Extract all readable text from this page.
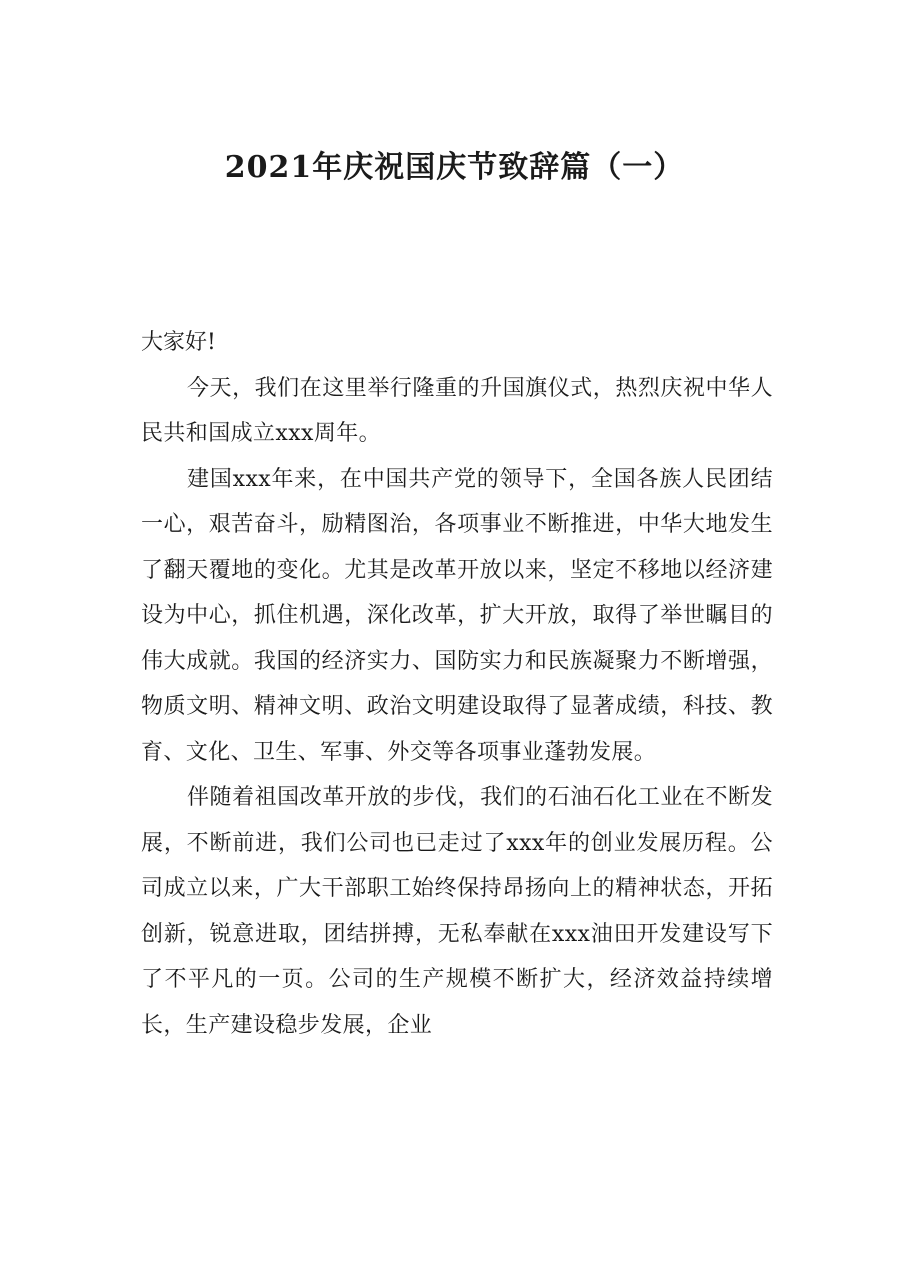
2021年庆祝国庆节致辞篇（一）

大家好!

今天，我们在这里举行隆重的升国旗仪式，热烈庆祝中华人民共和国成立xxx周年。

建国xxx年来，在中国共产党的领导下，全国各族人民团结一心，艰苦奋斗，励精图治，各项事业不断推进，中华大地发生了翻天覆地的变化。尤其是改革开放以来，坚定不移地以经济建设为中心，抓住机遇，深化改革，扩大开放，取得了举世瞩目的伟大成就。我国的经济实力、国防实力和民族凝聚力不断增强，物质文明、精神文明、政治文明建设取得了显著成绩，科技、教育、文化、卫生、军事、外交等各项事业蓬勃发展。

伴随着祖国改革开放的步伐，我们的石油石化工业在不断发展，不断前进，我们公司也已走过了xxx年的创业发展历程。公司成立以来，广大干部职工始终保持昂扬向上的精神状态，开拓创新，锐意进取，团结拼搏，无私奉献在xxx油田开发建设写下了不平凡的一页。公司的生产规模不断扩大，经济效益持续增长，生产建设稳步发展，企业
